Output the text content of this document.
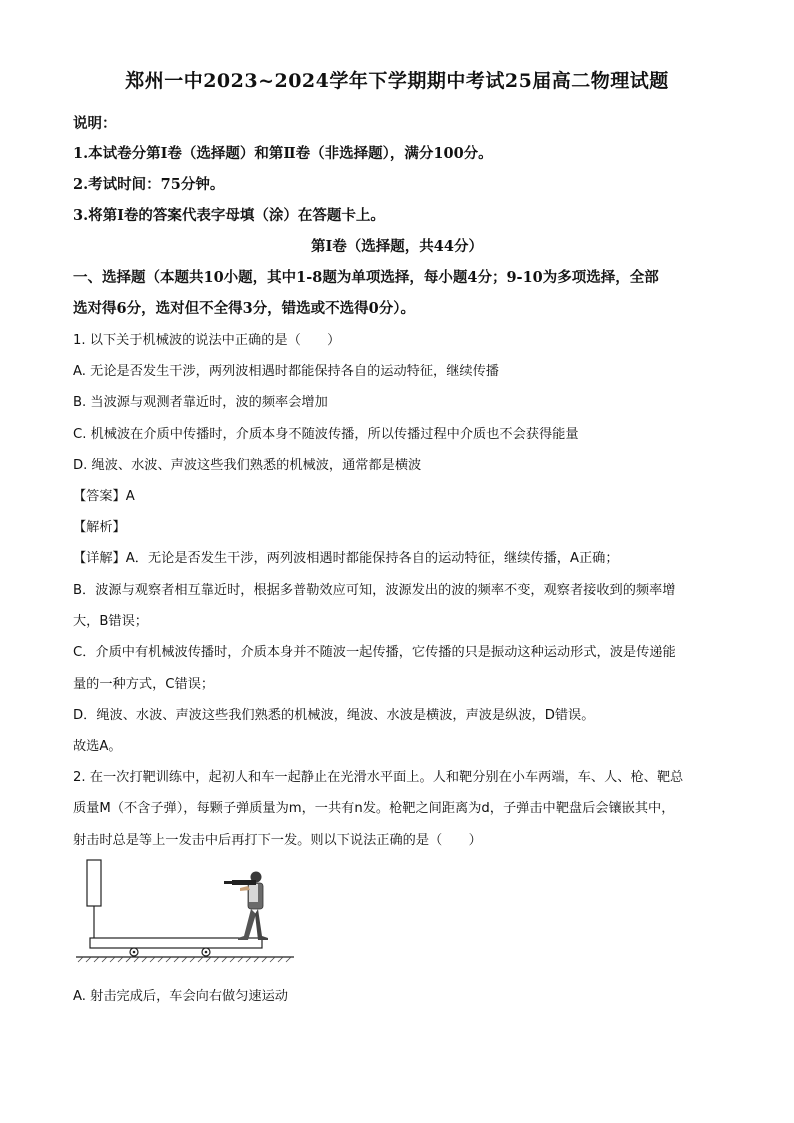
郑州一中2023~2024学年下学期期中考试25届高二物理试题
说明：
1.本试卷分第Ⅰ卷（选择题）和第Ⅱ卷（非选择题），满分100分。
2.考试时间：75分钟。
3.将第Ⅰ卷的答案代表字母填（涂）在答题卡上。
第Ⅰ卷（选择题，共44分）
一、选择题（本题共10小题，其中1-8题为单项选择，每小题4分；9-10为多项选择，全部
选对得6分，选对但不全得3分，错选或不选得0分）。
1. 以下关于机械波的说法中正确的是（　　）
A. 无论是否发生干涉，两列波相遇时都能保持各自的运动特征，继续传播
B. 当波源与观测者靠近时，波的频率会增加
C. 机械波在介质中传播时，介质本身不随波传播，所以传播过程中介质也不会获得能量
D. 绳波、水波、声波这些我们熟悉的机械波，通常都是横波
【答案】A
【解析】
【详解】A．无论是否发生干涉，两列波相遇时都能保持各自的运动特征，继续传播，A正确；
B．波源与观察者相互靠近时，根据多普勒效应可知，波源发出的波的频率不变，观察者接收到的频率增
大，B错误；
C．介质中有机械波传播时，介质本身并不随波一起传播，它传播的只是振动这种运动形式，波是传递能
量的一种方式，C错误；
D．绳波、水波、声波这些我们熟悉的机械波，绳波、水波是横波，声波是纵波，D错误。
故选A。
2. 在一次打靶训练中，起初人和车一起静止在光滑水平面上。人和靶分别在小车两端，车、人、枪、靶总
质量M（不含子弹），每颗子弹质量为m，一共有n发。枪靶之间距离为d，子弹击中靶盘后会镶嵌其中，
射击时总是等上一发击中后再打下一发。则以下说法正确的是（　　）
A. 射击完成后，车会向右做匀速运动
